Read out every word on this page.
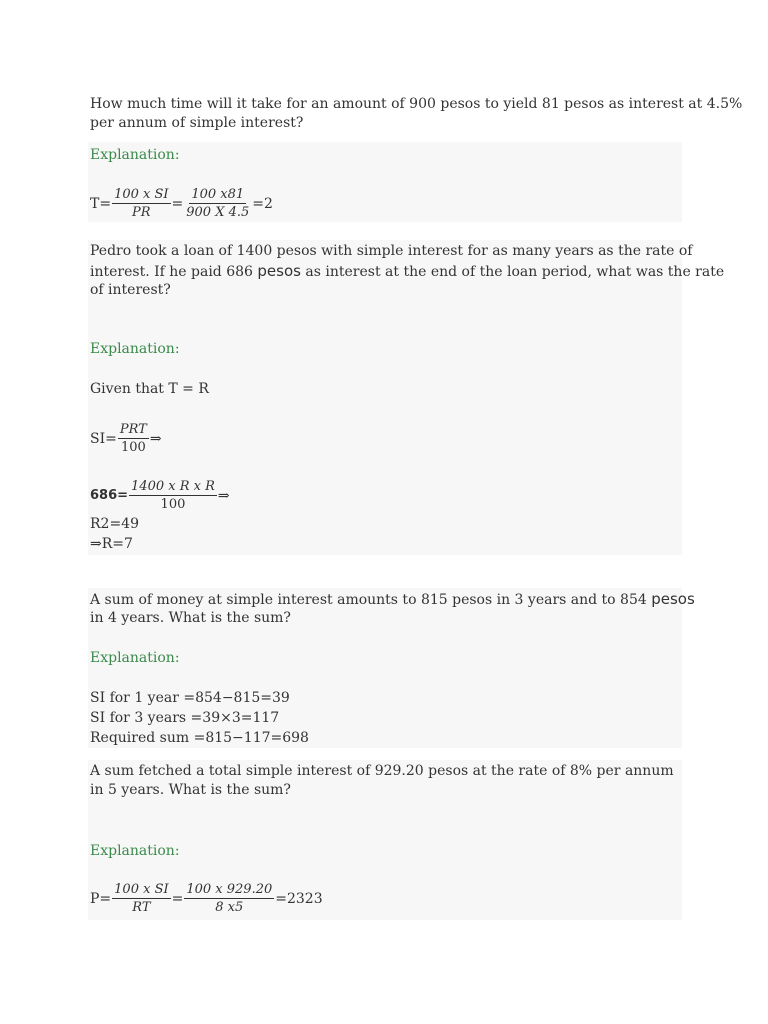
How much time will it take for an amount of 900 pesos to yield 81 pesos as interest at 4.5%
per annum of simple interest?
Explanation:
$T= \frac{\text{100 x SI}}{PR} = \frac{100 x81}{900 X 4.5} =2$
Pedro took a loan of 1400 pesos with simple interest for as many years as the rate of
interest. If he paid 686 pesos as interest at the end of the loan period, what was the rate
of interest?
Explanation:
Given that T = R
$SI= \frac{\text{PRT}}{100}$ ⇒
$686= \frac{\text{1400 x R x R}}{100}$ ⇒
R2=49
⇒R=7
A sum of money at simple interest amounts to 815 pesos in 3 years and to 854 pesos
in 4 years. What is the sum?
Explanation:
SI for 1 year =854−815=39
SI for 3 years =39×3=117
Required sum =815−117=698
A sum fetched a total simple interest of 929.20 pesos at the rate of 8% per annum
in 5 years. What is the sum?
Explanation:
$P= \frac{\text{100 x SI}}{RT} = \frac{100 x 929.20}{8 x5} =2323$
